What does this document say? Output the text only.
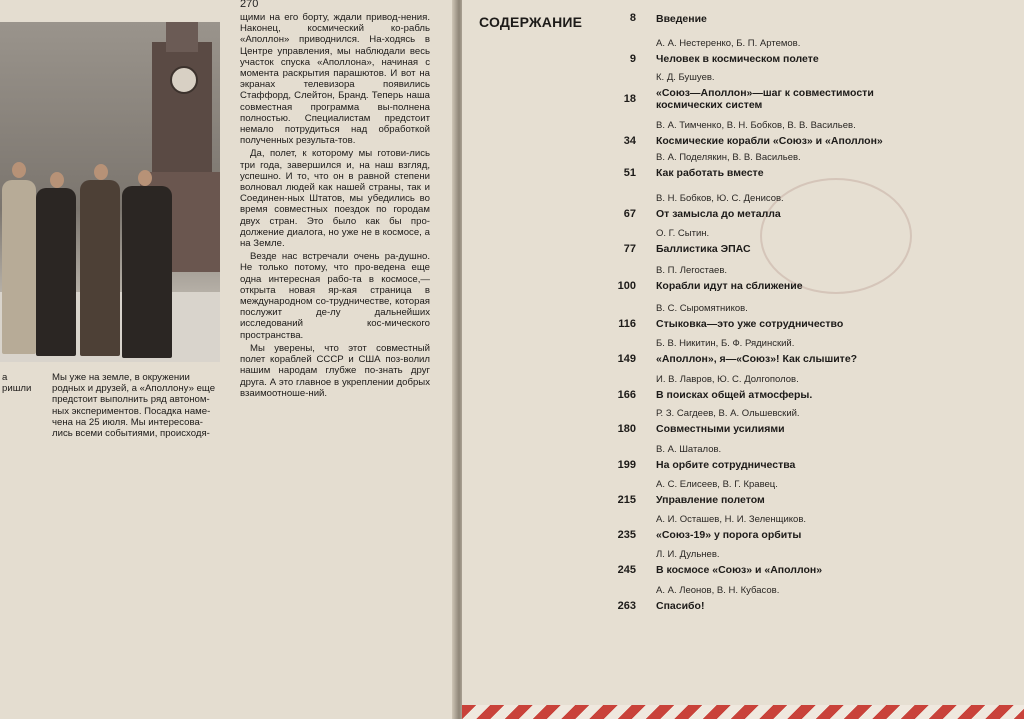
270
а
ришли
Мы уже на земле, в окружении
родных и друзей, а «Аполлону» еще
предстоит выполнить ряд автоном-
ных экспериментов. Посадка наме-
чена на 25 июля. Мы интересова-
лись всеми событиями, происходя-

щими на его борту, ждали привод-нения. Наконец, космический ко-рабль «Аполлон» приводнился. На-ходясь в Центре управления, мы наблюдали весь участок спуска «Аполлона», начиная с момента раскрытия парашютов. И вот на экранах телевизора появились Стаффорд, Слейтон, Бранд. Теперь наша совместная программа вы-полнена полностью. Специалистам предстоит немало потрудиться над обработкой полученных результа-тов.

Да, полет, к которому мы готови-лись три года, завершился и, на наш взгляд, успешно. И то, что он в равной степени волновал людей как нашей страны, так и Соединен-ных Штатов, мы убедились во время совместных поездок по городам двух стран. Это было как бы про-должение диалога, но уже не в космосе, а на Земле.

Везде нас встречали очень ра-душно. Не только потому, что про-ведена еще одна интересная рабо-та в космосе,—открыта новая яр-кая страница в международном со-трудничестве, которая послужит де-лу дальнейших исследований кос-мического пространства.

Мы уверены, что этот совместный полет кораблей СССР и США поз-волил нашим народам глубже по-знать друг друга. А это главное в укреплении добрых взаимоотноше-ний.

СОДЕРЖАНИЕ	8 Введение
А. А. Нестеренко, Б. П. Артемов.
9 Человек в космическом полете
К. Д. Бушуев.
18 «Союз—Аполлон»—шаг к совместимости
космических систем
В. А. Тимченко, В. Н. Бобков, В. В. Васильев.
34 Космические корабли «Союз» и «Аполлон»
В. А. Поделякин, В. В. Васильев.
51 Как работать вместе
В. Н. Бобков, Ю. С. Денисов.
67 От замысла до металла
О. Г. Сытин.
77 Баллистика ЭПАС
В. П. Легостаев.
100 Корабли идут на сближение
В. С. Сыромятников.
116 Стыковка—это уже сотрудничество
Б. В. Никитин, Б. Ф. Рядинский.
149 «Аполлон», я—«Союз»! Как слышите?
И. В. Лавров, Ю. С. Долгополов.
166 В поисках общей атмосферы.
Р. З. Сагдеев, В. А. Ольшевский.
180 Совместными усилиями
В. А. Шаталов.
199 На орбите сотрудничества
А. С. Елисеев, В. Г. Кравец.
215 Управление полетом
А. И. Осташев, Н. И. Зеленщиков.
235 «Союз-19» у порога орбиты
Л. И. Дульнев.
245 В космосе «Союз» и «Аполлон»
А. А. Леонов, В. Н. Кубасов.
263 Спасибо!
